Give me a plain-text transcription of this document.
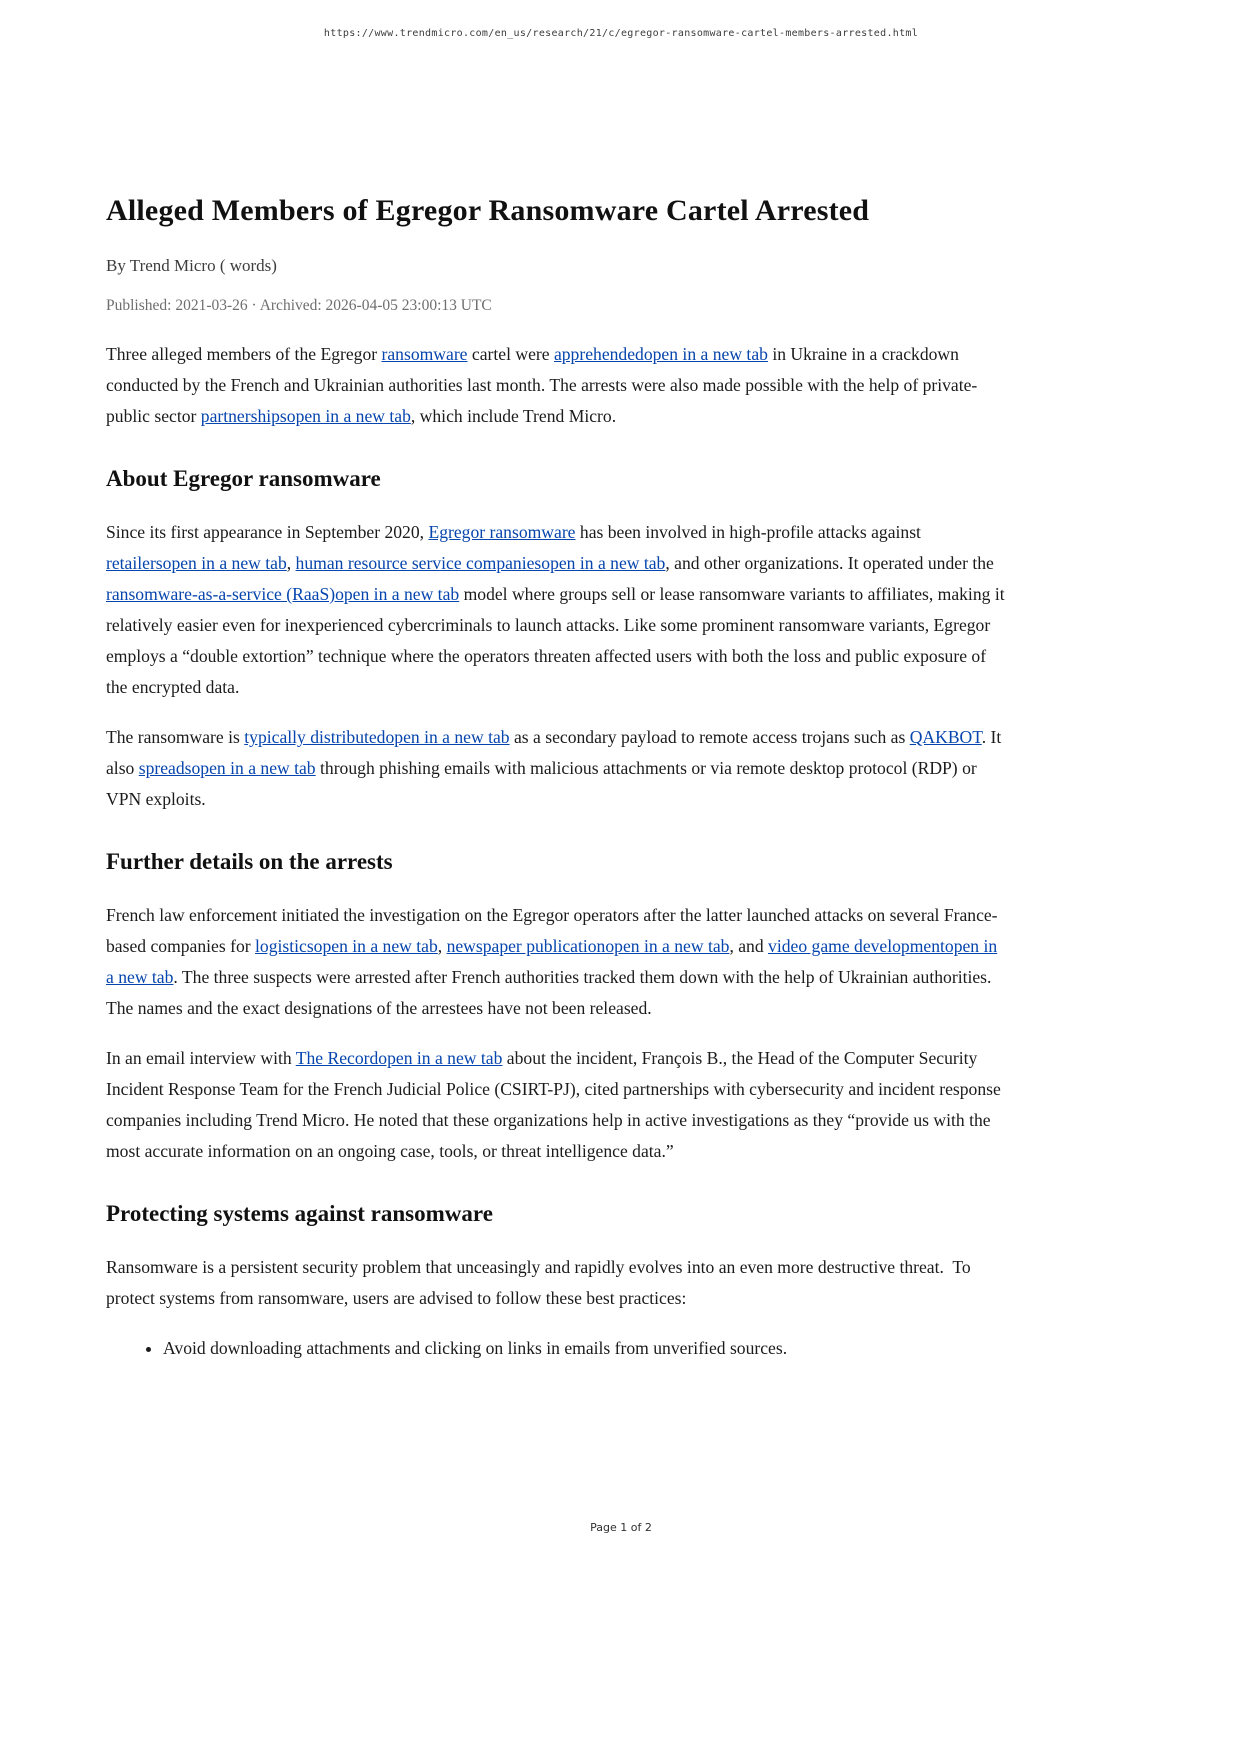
https://www.trendmicro.com/en_us/research/21/c/egregor-ransomware-cartel-members-arrested.html
Alleged Members of Egregor Ransomware Cartel Arrested

By Trend Micro ( words)

Published: 2021-03-26 · Archived: 2026-04-05 23:00:13 UTC

Three alleged members of the Egregor ransomware cartel were apprehendedopen in a new tab in Ukraine in a crackdown conducted by the French and Ukrainian authorities last month. The arrests were also made possible with the help of private-public sector partnershipsopen in a new tab, which include Trend Micro.

About Egregor ransomware

Since its first appearance in September 2020, Egregor ransomware has been involved in high-profile attacks against retailersopen in a new tab, human resource service companiesopen in a new tab, and other organizations. It operated under the ransomware-as-a-service (RaaS)open in a new tab model where groups sell or lease ransomware variants to affiliates, making it relatively easier even for inexperienced cybercriminals to launch attacks. Like some prominent ransomware variants, Egregor employs a “double extortion” technique where the operators threaten affected users with both the loss and public exposure of the encrypted data.

The ransomware is typically distributedopen in a new tab as a secondary payload to remote access trojans such as QAKBOT. It also spreadsopen in a new tab through phishing emails with malicious attachments or via remote desktop protocol (RDP) or VPN exploits.

Further details on the arrests

French law enforcement initiated the investigation on the Egregor operators after the latter launched attacks on several France-based companies for logisticsopen in a new tab, newspaper publicationopen in a new tab, and video game developmentopen in a new tab. The three suspects were arrested after French authorities tracked them down with the help of Ukrainian authorities. The names and the exact designations of the arrestees have not been released.

In an email interview with The Recordopen in a new tab about the incident, François B., the Head of the Computer Security Incident Response Team for the French Judicial Police (CSIRT-PJ), cited partnerships with cybersecurity and incident response companies including Trend Micro. He noted that these organizations help in active investigations as they “provide us with the most accurate information on an ongoing case, tools, or threat intelligence data.”

Protecting systems against ransomware

Ransomware is a persistent security problem that unceasingly and rapidly evolves into an even more destructive threat.  To protect systems from ransomware, users are advised to follow these best practices:

• Avoid downloading attachments and clicking on links in emails from unverified sources.
Page 1 of 2
